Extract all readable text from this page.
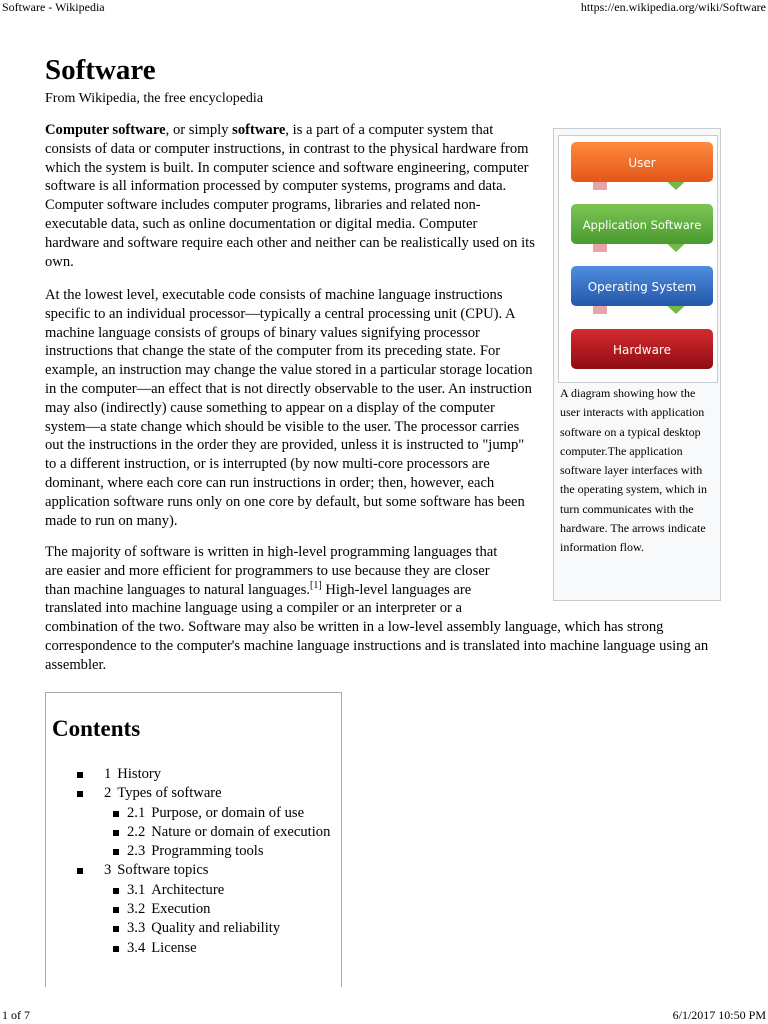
Software - Wikipedia	https://en.wikipedia.org/wiki/Software
Software
From Wikipedia, the free encyclopedia

Computer software, or simply software, is a part of a computer system that consists of data or computer instructions, in contrast to the physical hardware from which the system is built. In computer science and software engineering, computer software is all information processed by computer systems, programs and data. Computer software includes computer programs, libraries and related non-executable data, such as online documentation or digital media. Computer hardware and software require each other and neither can be realistically used on its own.

At the lowest level, executable code consists of machine language instructions specific to an individual processor—typically a central processing unit (CPU). A machine language consists of groups of binary values signifying processor instructions that change the state of the computer from its preceding state. For example, an instruction may change the value stored in a particular storage location in the computer—an effect that is not directly observable to the user. An instruction may also (indirectly) cause something to appear on a display of the computer system—a state change which should be visible to the user. The processor carries out the instructions in the order they are provided, unless it is instructed to "jump" to a different instruction, or is interrupted (by now multi-core processors are dominant, where each core can run instructions in order; then, however, each application software runs only on one core by default, but some software has been made to run on many).

The majority of software is written in high-level programming languages that are easier and more efficient for programmers to use because they are closer than machine languages to natural languages.[1] High-level languages are translated into machine language using a compiler or an interpreter or a combination of the two. Software may also be written in a low-level assembly language, which has strong correspondence to the computer's machine language instructions and is translated into machine language using an assembler.

User
Application Software
Operating System
Hardware
A diagram showing how the user interacts with application software on a typical desktop computer.The application software layer interfaces with the operating system, which in turn communicates with the hardware. The arrows indicate information flow.
Contents
1 History
2 Types of software
2.1 Purpose, or domain of use
2.2 Nature or domain of execution
2.3 Programming tools
3 Software topics
3.1 Architecture
3.2 Execution
3.3 Quality and reliability
3.4 License
1 of 7	6/1/2017 10:50 PM
